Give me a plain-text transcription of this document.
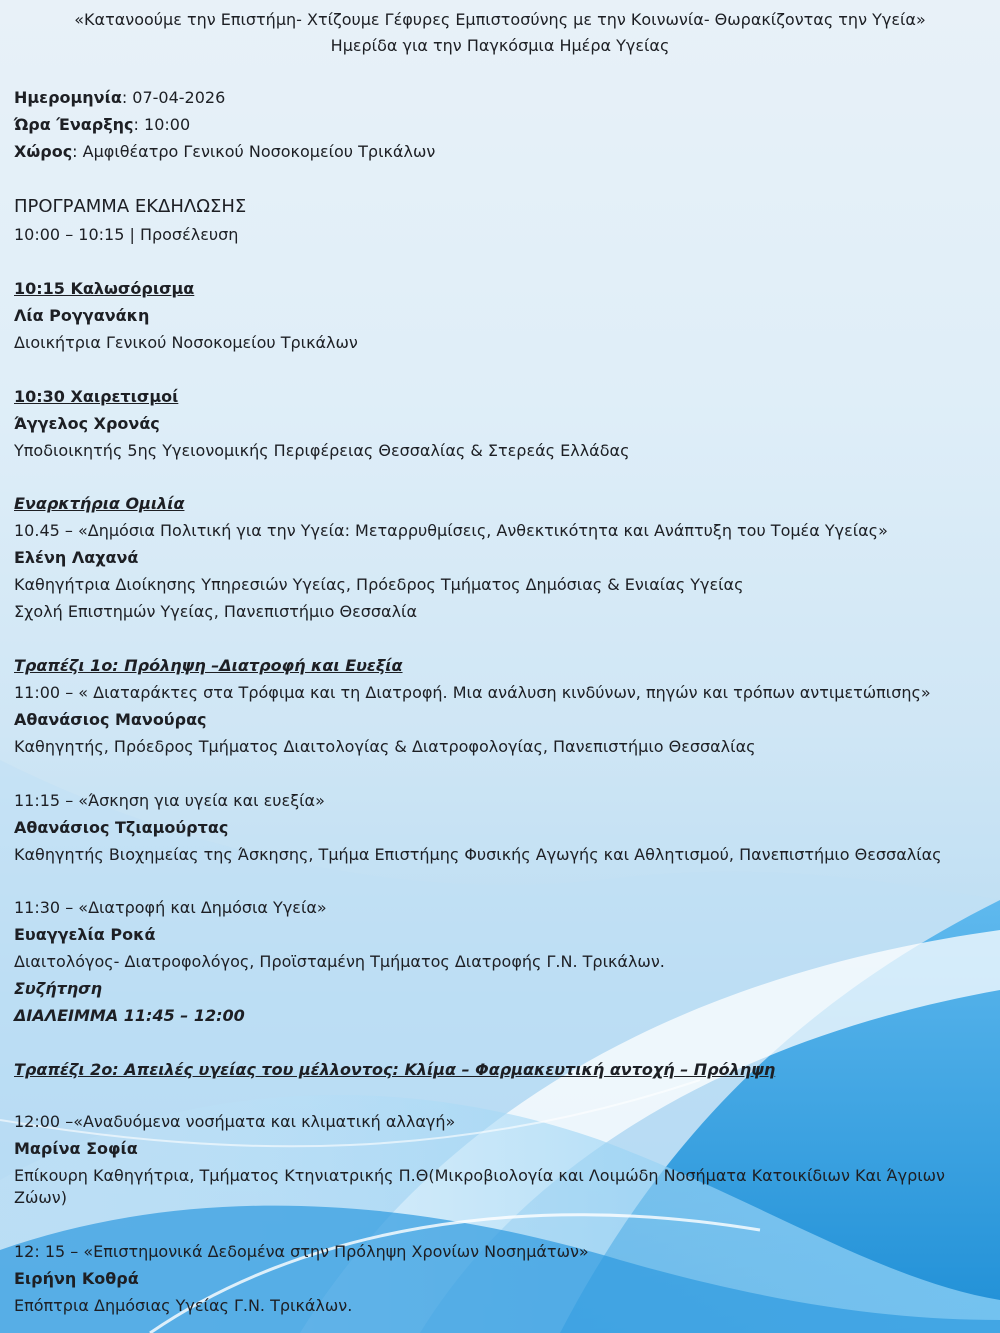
«Κατανοούμε την Επιστήμη- Χτίζουμε Γέφυρες Εμπιστοσύνης με την Κοινωνία- Θωρακίζοντας την Υγεία»
Ημερίδα για την Παγκόσμια Ημέρα Υγείας
Ημερομηνία: 07-04-2026
Ώρα Έναρξης: 10:00
Χώρος: Αμφιθέατρο Γενικού Νοσοκομείου Τρικάλων
ΠΡΟΓΡΑΜΜΑ ΕΚΔΗΛΩΣΗΣ
10:00 – 10:15 | Προσέλευση
10:15 Καλωσόρισμα
Λία Ρογγανάκη
Διοικήτρια Γενικού Νοσοκομείου Τρικάλων
10:30 Χαιρετισμοί
Άγγελος Χρονάς
Υποδιοικητής 5ης Υγειονομικής Περιφέρειας Θεσσαλίας & Στερεάς Ελλάδας
Εναρκτήρια Ομιλία
10.45 – «Δημόσια Πολιτική για την Υγεία: Μεταρρυθμίσεις, Ανθεκτικότητα και Ανάπτυξη του Τομέα Υγείας»
Ελένη Λαχανά
Καθηγήτρια Διοίκησης Υπηρεσιών Υγείας, Πρόεδρος Τμήματος Δημόσιας & Ενιαίας Υγείας
Σχολή Επιστημών Υγείας, Πανεπιστήμιο Θεσσαλία
Τραπέζι 1ο: Πρόληψη –Διατροφή και Ευεξία
11:00 – « Διαταράκτες στα Τρόφιμα και τη Διατροφή. Μια ανάλυση κινδύνων, πηγών και τρόπων αντιμετώπισης»
Αθανάσιος Μανούρας
Καθηγητής, Πρόεδρος Τμήματος Διαιτολογίας & Διατροφολογίας, Πανεπιστήμιο Θεσσαλίας
11:15 – «Άσκηση για υγεία και ευεξία»
Αθανάσιος Τζιαμούρτας
Καθηγητής Βιοχημείας της Άσκησης, Τμήμα Επιστήμης Φυσικής Αγωγής και Αθλητισμού, Πανεπιστήμιο Θεσσαλίας
11:30 – «Διατροφή και Δημόσια Υγεία»
Ευαγγελία Ροκά
Διαιτολόγος- Διατροφολόγος, Προϊσταμένη Τμήματος Διατροφής Γ.Ν. Τρικάλων.
Συζήτηση
ΔΙΑΛΕΙΜΜΑ 11:45 – 12:00
Τραπέζι 2ο: Απειλές υγείας του μέλλοντος: Κλίμα – Φαρμακευτική αντοχή – Πρόληψη
12:00 –«Αναδυόμενα νοσήματα και κλιματική αλλαγή»
Μαρίνα Σοφία
Επίκουρη Καθηγήτρια, Τμήματος Κτηνιατρικής Π.Θ(Μικροβιολογία και Λοιμώδη Νοσήματα Κατοικίδιων Και Άγριων Ζώων)
12: 15 – «Επιστημονικά Δεδομένα στην Πρόληψη Χρονίων Νοσημάτων»
Ειρήνη Κοθρά
Επόπτρια Δημόσιας Υγείας Γ.Ν. Τρικάλων.
